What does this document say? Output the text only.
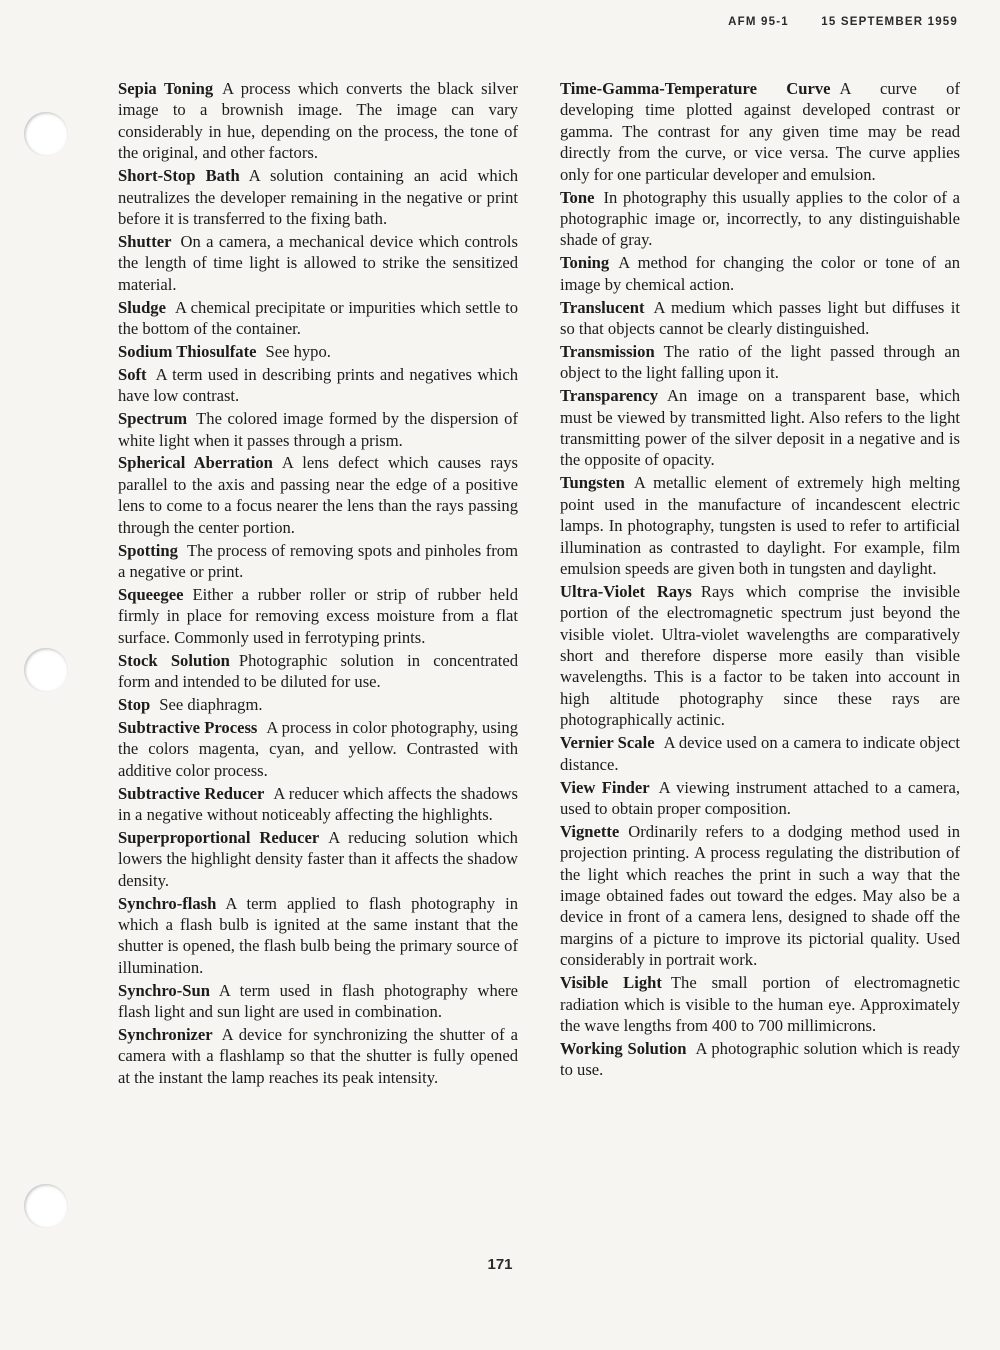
AFM 95-1	15 SEPTEMBER 1959

Sepia Toning A process which converts the black silver image to a brownish image. The image can vary considerably in hue, depending on the process, the tone of the original, and other factors.

Short-Stop Bath A solution containing an acid which neutralizes the developer remaining in the negative or print before it is transferred to the fixing bath.

Shutter On a camera, a mechanical device which controls the length of time light is allowed to strike the sensitized material.

Sludge A chemical precipitate or impurities which settle to the bottom of the container.

Sodium Thiosulfate See hypo.

Soft A term used in describing prints and negatives which have low contrast.

Spectrum The colored image formed by the dispersion of white light when it passes through a prism.

Spherical Aberration A lens defect which causes rays parallel to the axis and passing near the edge of a positive lens to come to a focus nearer the lens than the rays passing through the center portion.

Spotting The process of removing spots and pinholes from a negative or print.

Squeegee Either a rubber roller or strip of rubber held firmly in place for removing excess moisture from a flat surface. Commonly used in ferrotyping prints.

Stock Solution Photographic solution in concentrated form and intended to be diluted for use.

Stop See diaphragm.

Subtractive Process A process in color photography, using the colors magenta, cyan, and yellow. Contrasted with additive color process.

Subtractive Reducer A reducer which affects the shadows in a negative without noticeably affecting the highlights.

Superproportional Reducer A reducing solution which lowers the highlight density faster than it affects the shadow density.

Synchro-flash A term applied to flash photography in which a flash bulb is ignited at the same instant that the shutter is opened, the flash bulb being the primary source of illumination.

Synchro-Sun A term used in flash photography where flash light and sun light are used in combination.

Synchronizer A device for synchronizing the shutter of a camera with a flashlamp so that the shutter is fully opened at the instant the lamp reaches its peak intensity.

Time-Gamma-Temperature Curve A curve of developing time plotted against developed contrast or gamma. The contrast for any given time may be read directly from the curve, or vice versa. The curve applies only for one particular developer and emulsion.

Tone In photography this usually applies to the color of a photographic image or, incorrectly, to any distinguishable shade of gray.

Toning A method for changing the color or tone of an image by chemical action.

Translucent A medium which passes light but diffuses it so that objects cannot be clearly distinguished.

Transmission The ratio of the light passed through an object to the light falling upon it.

Transparency An image on a transparent base, which must be viewed by transmitted light. Also refers to the light transmitting power of the silver deposit in a negative and is the opposite of opacity.

Tungsten A metallic element of extremely high melting point used in the manufacture of incandescent electric lamps. In photography, tungsten is used to refer to artificial illumination as contrasted to daylight. For example, film emulsion speeds are given both in tungsten and daylight.

Ultra-Violet Rays Rays which comprise the invisible portion of the electromagnetic spectrum just beyond the visible violet. Ultra-violet wavelengths are comparatively short and therefore disperse more easily than visible wavelengths. This is a factor to be taken into account in high altitude photography since these rays are photographically actinic.

Vernier Scale A device used on a camera to indicate object distance.

View Finder A viewing instrument attached to a camera, used to obtain proper composition.

Vignette Ordinarily refers to a dodging method used in projection printing. A process regulating the distribution of the light which reaches the print in such a way that the image obtained fades out toward the edges. May also be a device in front of a camera lens, designed to shade off the margins of a picture to improve its pictorial quality. Used considerably in portrait work.

Visible Light The small portion of electromagnetic radiation which is visible to the human eye. Approximately the wave lengths from 400 to 700 millimicrons.

Working Solution A photographic solution which is ready to use.

171
